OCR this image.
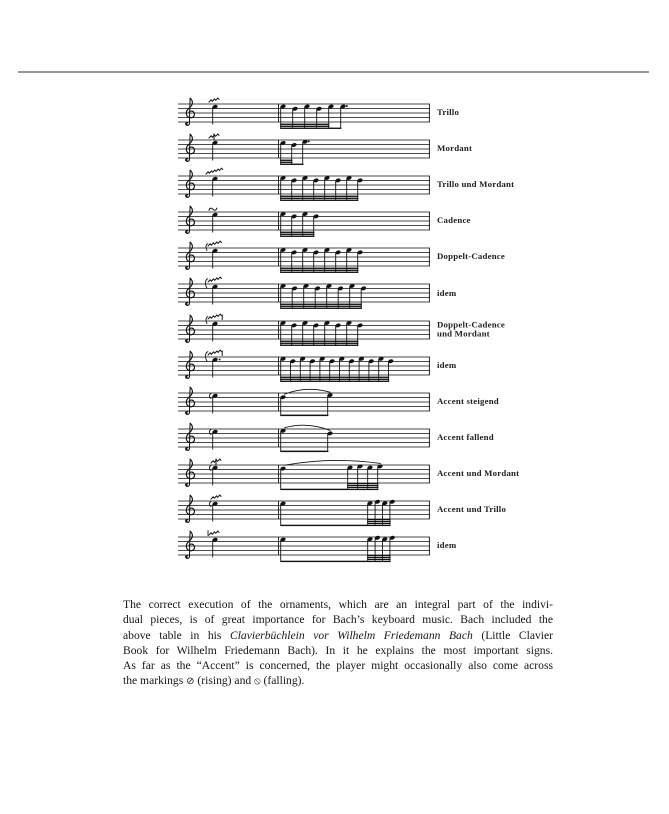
Trillo
Mordant
Trillo und Mordant
Cadence
Doppelt-Cadence
idem
Doppelt-Cadence
und Mordant
idem
Accent steigend
Accent fallend
Accent und Mordant
Accent und Trillo
idem
The correct execution of the ornaments, which are an integral part of the indivi-
dual pieces, is of great importance for Bach’s keyboard music. Bach included the
above table in his Clavierbüchlein vor Wilhelm Friedemann Bach (Little Clavier
Book for Wilhelm Friedemann Bach). In it he explains the most important signs.
As far as the “Accent” is concerned, the player might occasionally also come across
the markings ⊘ (rising) and ⦸ (falling).
